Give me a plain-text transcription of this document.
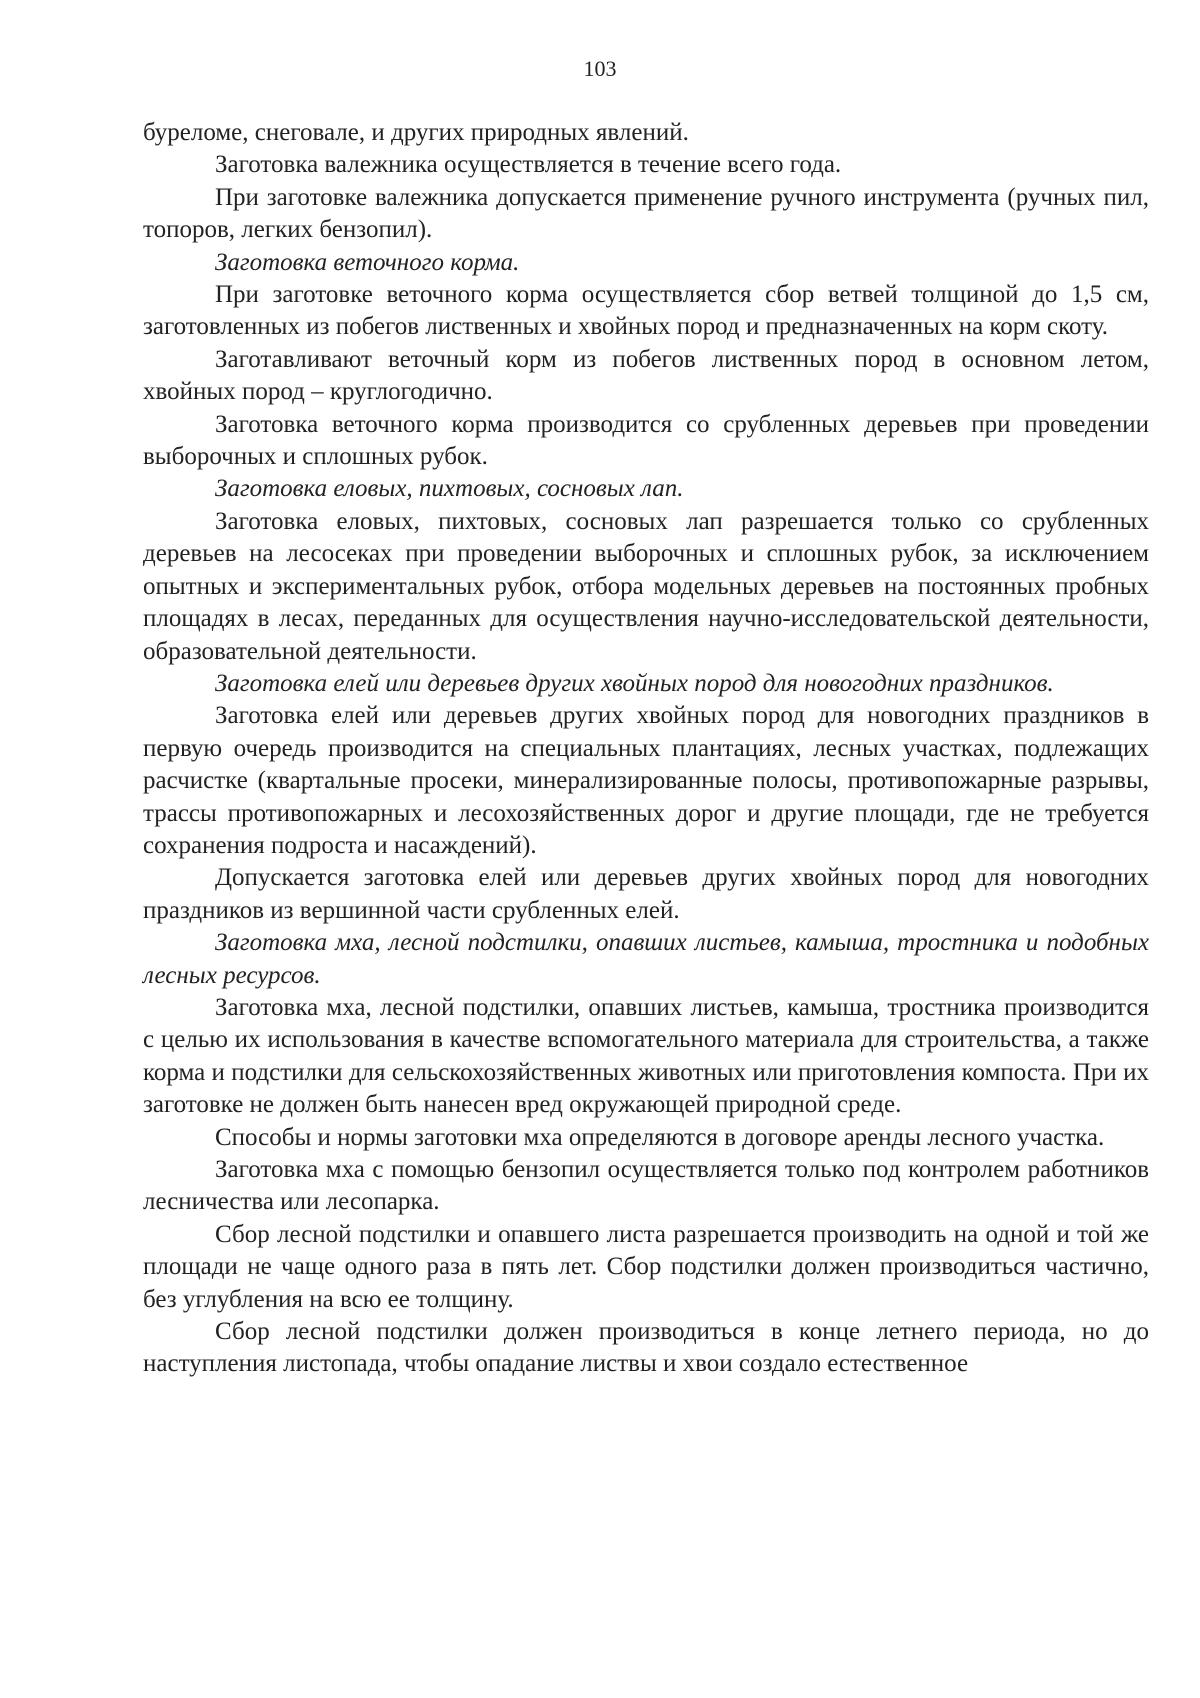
103

буреломе, снеговале, и других природных явлений.

Заготовка валежника осуществляется в течение всего года.

При заготовке валежника допускается применение ручного инструмента (ручных пил, топоров, легких бензопил).

Заготовка веточного корма.

При заготовке веточного корма осуществляется сбор ветвей толщиной до 1,5 см, заготовленных из побегов лиственных и хвойных пород и предназначенных на корм скоту.

Заготавливают веточный корм из побегов лиственных пород в основном летом, хвойных пород – круглогодично.

Заготовка веточного корма производится со срубленных деревьев при проведении выборочных и сплошных рубок.

Заготовка еловых, пихтовых, сосновых лап.

Заготовка еловых, пихтовых, сосновых лап разрешается только со срубленных деревьев на лесосеках при проведении выборочных и сплошных рубок, за исключением опытных и экспериментальных рубок, отбора модельных деревьев на постоянных пробных площадях в лесах, переданных для осуществления научно-исследовательской деятельности, образовательной деятельности.

Заготовка елей или деревьев других хвойных пород для новогодних праздников.

Заготовка елей или деревьев других хвойных пород для новогодних праздников в первую очередь производится на специальных плантациях, лесных участках, подлежащих расчистке (квартальные просеки, минерализированные полосы, противопожарные разрывы, трассы противопожарных и лесохозяйственных дорог и другие площади, где не требуется сохранения подроста и насаждений).

Допускается заготовка елей или деревьев других хвойных пород для новогодних праздников из вершинной части срубленных елей.

Заготовка мха, лесной подстилки, опавших листьев, камыша, тростника и подобных лесных ресурсов.

Заготовка мха, лесной подстилки, опавших листьев, камыша, тростника производится с целью их использования в качестве вспомогательного материала для строительства, а также корма и подстилки для сельскохозяйственных животных или приготовления компоста. При их заготовке не должен быть нанесен вред окружающей природной среде.

Способы и нормы заготовки мха определяются в договоре аренды лесного участка.

Заготовка мха с помощью бензопил осуществляется только под контролем работников лесничества или лесопарка.

Сбор лесной подстилки и опавшего листа разрешается производить на одной и той же площади не чаще одного раза в пять лет. Сбор подстилки должен производиться частично, без углубления на всю ее толщину.

Сбор лесной подстилки должен производиться в конце летнего периода, но до наступления листопада, чтобы опадание листвы и хвои создало естественное
